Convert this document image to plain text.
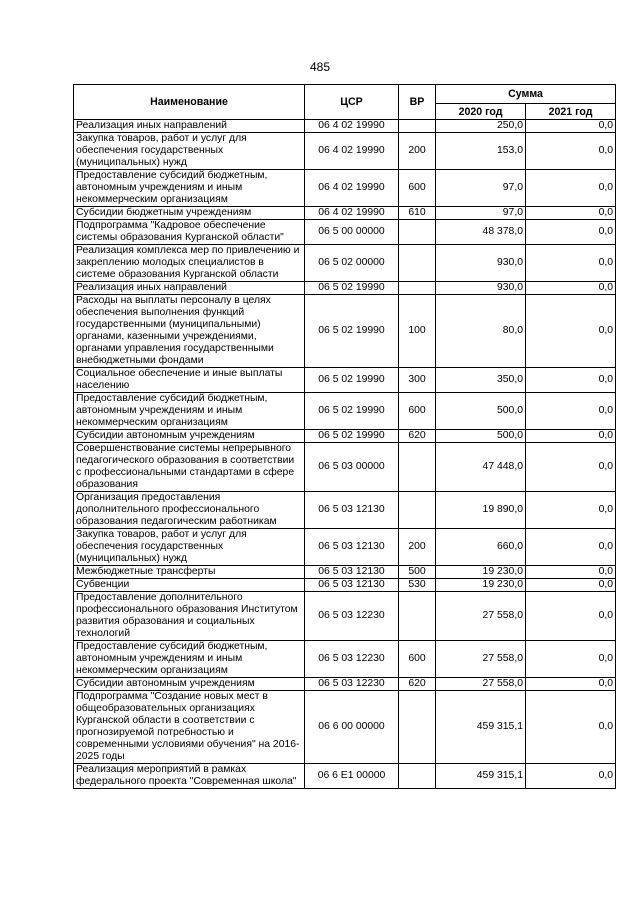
485
Наименование	ЦСР	ВР	Сумма	
			2020 год	2021 год
Реализация иных направлений	06 4 02 19990		250,0	0,0
Закупка товаров, работ и услуг для обеспечения государственных (муниципальных) нужд	06 4 02 19990	200	153,0	0,0
Предоставление субсидий бюджетным, автономным учреждениям и иным некоммерческим организациям	06 4 02 19990	600	97,0	0,0
Субсидии бюджетным учреждениям	06 4 02 19990	610	97,0	0,0
Подпрограмма "Кадровое обеспечение системы образования Курганской области"	06 5 00 00000		48 378,0	0,0
Реализация комплекса мер по привлечению и закреплению молодых специалистов в системе образования Курганской области	06 5 02 00000		930,0	0,0
Реализация иных направлений	06 5 02 19990		930,0	0,0
Расходы на выплаты персоналу в целях обеспечения выполнения функций государственными (муниципальными) органами, казенными учреждениями, органами управления государственными внебюджетными фондами	06 5 02 19990	100	80,0	0,0
Социальное обеспечение и иные выплаты населению	06 5 02 19990	300	350,0	0,0
Предоставление субсидий бюджетным, автономным учреждениям и иным некоммерческим организациям	06 5 02 19990	600	500,0	0,0
Субсидии автономным учреждениям	06 5 02 19990	620	500,0	0,0
Совершенствование системы непрерывного педагогического образования в соответствии с профессиональными стандартами в сфере образования	06 5 03 00000		47 448,0	0,0
Организация предоставления дополнительного профессионального образования педагогическим работникам	06 5 03 12130		19 890,0	0,0
Закупка товаров, работ и услуг для обеспечения государственных (муниципальных) нужд	06 5 03 12130	200	660,0	0,0
Межбюджетные трансферты	06 5 03 12130	500	19 230,0	0,0
Субвенции	06 5 03 12130	530	19 230,0	0,0
Предоставление дополнительного профессионального образования Институтом развития образования и социальных технологий	06 5 03 12230		27 558,0	0,0
Предоставление субсидий бюджетным, автономным учреждениям и иным некоммерческим организациям	06 5 03 12230	600	27 558,0	0,0
Субсидии автономным учреждениям	06 5 03 12230	620	27 558,0	0,0
Подпрограмма "Создание новых мест в общеобразовательных организациях Курганской области в соответствии с прогнозируемой потребностью и современными условиями обучения" на 2016-2025 годы	06 6 00 00000		459 315,1	0,0
Реализация мероприятий в рамках федерального проекта "Современная школа"	06 6 E1 00000		459 315,1	0,0
